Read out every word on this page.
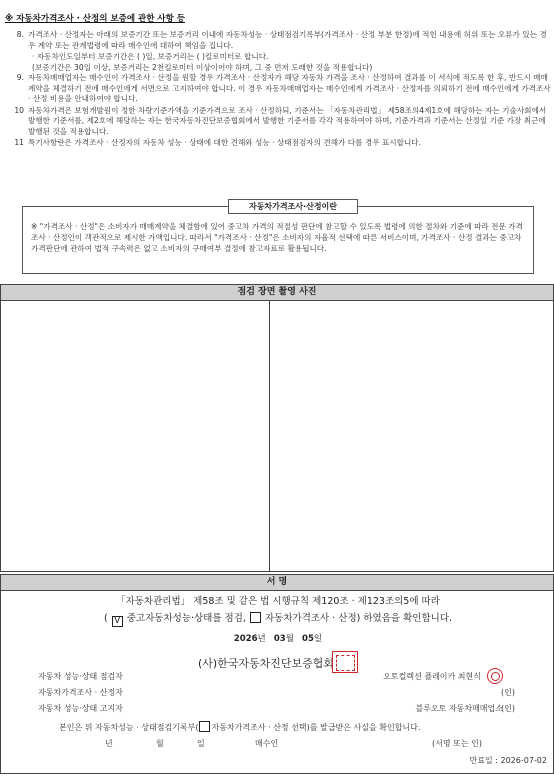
※ 자동차가격조사 · 산정의 보증에 관한 사항 등
8. 가격조사 · 산정자는 아래의 보증기간 또는 보증거리 이내에 자동차성능 · 상태점검기록부(가격조사 · 산정 부분 한정)에 적힌 내용에 허위 또는 오류가 있는 경우 계약 또는 관계법령에 따라 매수인에 대하여 책임을 집니다.
· 자동차인도일부터 보증기간은 ( )일, 보증거리는 ( )킬로미터로 합니다.
(보증기간은 30일 이상, 보증거리는 2천킬로미터 이상이어야 하며, 그 중 먼저 도래한 것을 적용합니다)
9. 자동차매매업자는 매수인이 가격조사 · 산정을 원할 경우 가격조사 · 산정자가 해당 자동차 가격을 조사 · 산정하여 결과를 이 서식에 적도록 한 후, 반드시 매매계약을 체결하기 전에 매수인에게 서면으로 고지하여야 합니다. 이 경우 자동차매매업자는 매수인에게 가격조사 · 산정자를 의뢰하기 전에 매수인에게 가격조사 · 산정 비용을 안내하여야 합니다.
10 자동차가격은 보험개발원이 정한 차량기준가액을 기준가격으로 조사 · 산정하되, 기준서는 「자동차관리법」 제58조의4제1호에 해당하는 자는 기술사회에서 발행한 기준서를, 제2호에 해당하는 자는 한국자동차진단보증협회에서 발행한 기준서를 각각 적용하여야 하며, 기준가격과 기준서는 산정일 기준 가장 최근에 발행된 것을 적용합니다.
11 특기사항란은 가격조사 · 산정자의 자동차 성능 · 상태에 대한 견해와 성능 · 상태점검자의 견해가 다를 경우 표시합니다.
자동차가격조사·산정이란
※ "가격조사 · 산정"은 소비자가 매매계약을 체결함에 있어 중고차 가격의 적절성 판단에 참고할 수 있도록 법령에 의한 절차와 기준에 따라 전문 가격조사 · 산정인이 객관적으로 제시한 가액입니다. 따라서 "가격조사 · 산정"은 소비자의 자율적 선택에 따른 서비스이며, 가격조사 · 산정 결과는 중고차 가격판단에 관하여 법적 구속력은 없고 소비자의 구매여부 결정에 참고자료로 활용됩니다.
점검 장면 촬영 사진
서 명
「자동차관리법」 제58조 및 같은 법 시행규칙 제120조 · 제123조의5에 따라
( V 중고자동차성능·상태를 점검, 자동차가격조사 · 산정) 하였음을 확인합니다.
2026년 03월 05일
(사)한국자동차진단보증협회
자동차 성능·상태 점검자	오토컬렉션 플레이카 최현식
자동차가격조사 · 산정자	(인)
자동차 성능·상태 고지자	블루오토 자동차매매업소
(인)
본인은 위 자동차성능 · 상태점검기록부( 자동차가격조사 · 산정 선택)를 발급받은 사실을 확인합니다.
년	월	일	매수인	(서명 또는 인)
만료일 : 2026-07-02
